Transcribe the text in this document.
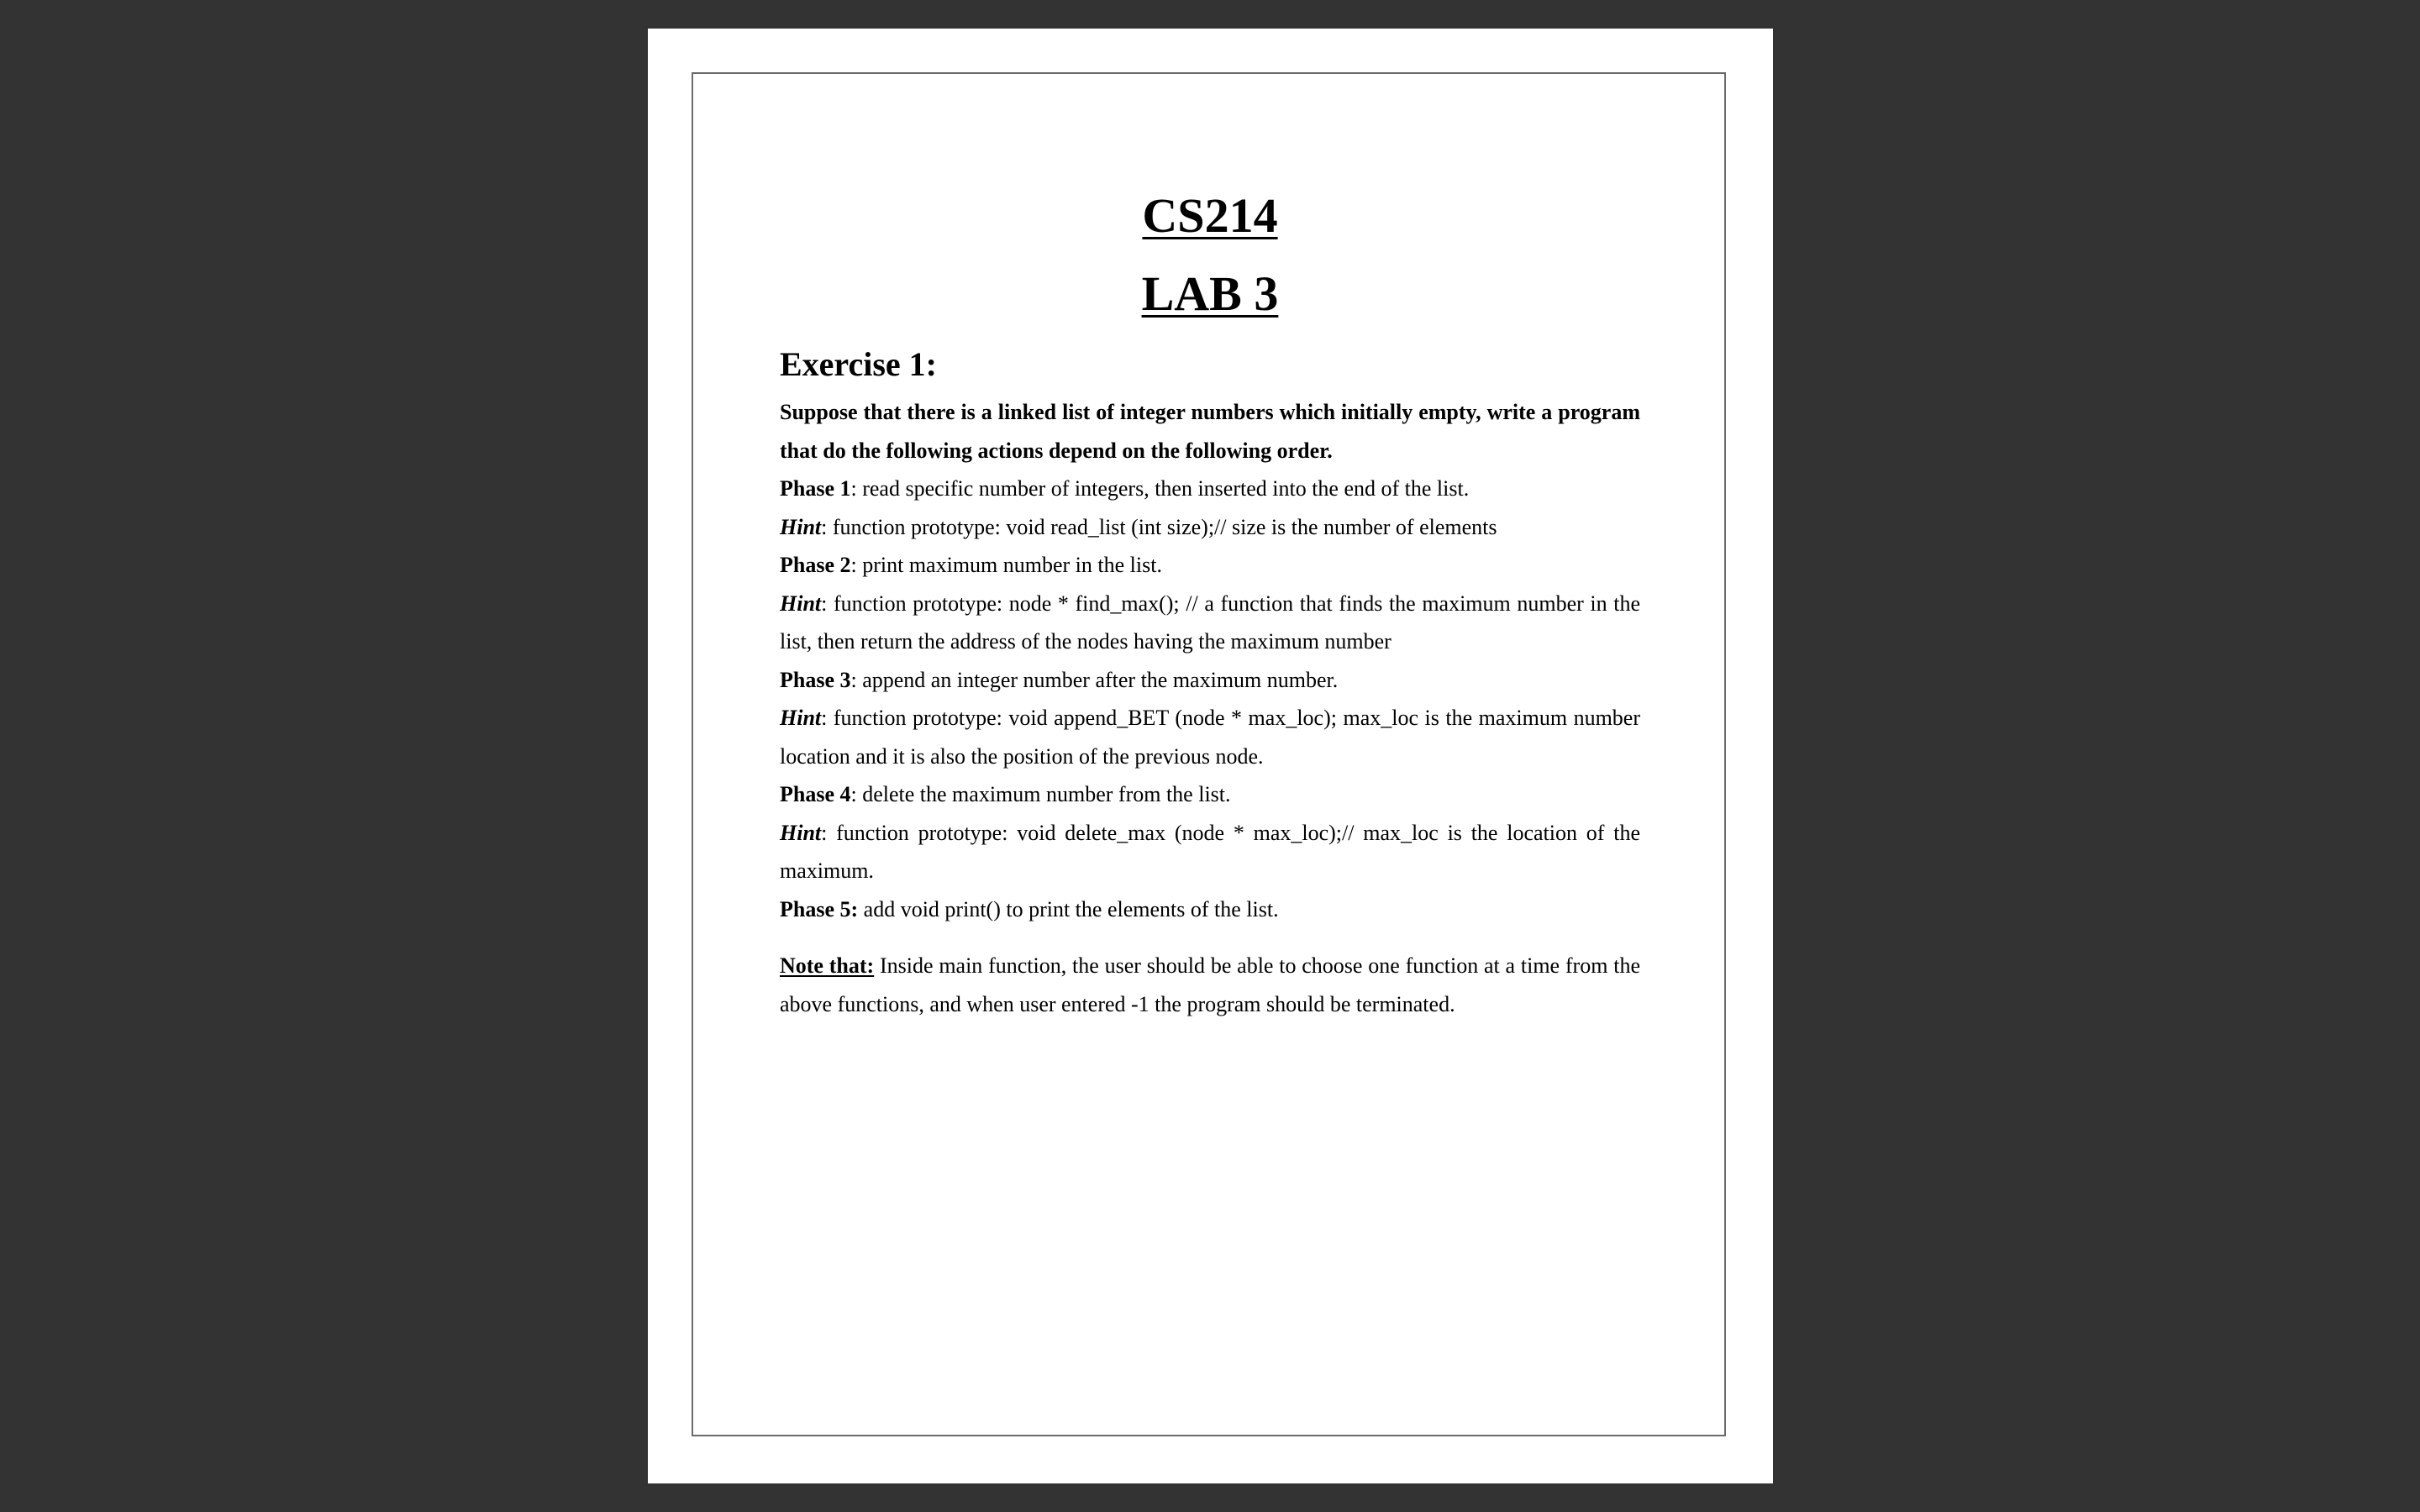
CS214
LAB 3
Exercise 1:
Suppose that there is a linked list of integer numbers which initially empty, write a program that do the following actions depend on the following order.
Phase 1: read specific number of integers, then inserted into the end of the list.
Hint: function prototype: void read_list (int size);// size is the number of elements
Phase 2: print maximum number in the list.
Hint: function prototype: node * find_max(); // a function that finds the maximum number in the list, then return the address of the nodes having the maximum number
Phase 3: append an integer number after the maximum number.
Hint: function prototype: void append_BET (node * max_loc); max_loc is the maximum number location and it is also the position of the previous node.
Phase 4: delete the maximum number from the list.
Hint: function prototype: void delete_max (node * max_loc);// max_loc is the location of the maximum.
Phase 5: add void print() to print the elements of the list.
Note that: Inside main function, the user should be able to choose one function at a time from the above functions, and when user entered -1 the program should be terminated.
